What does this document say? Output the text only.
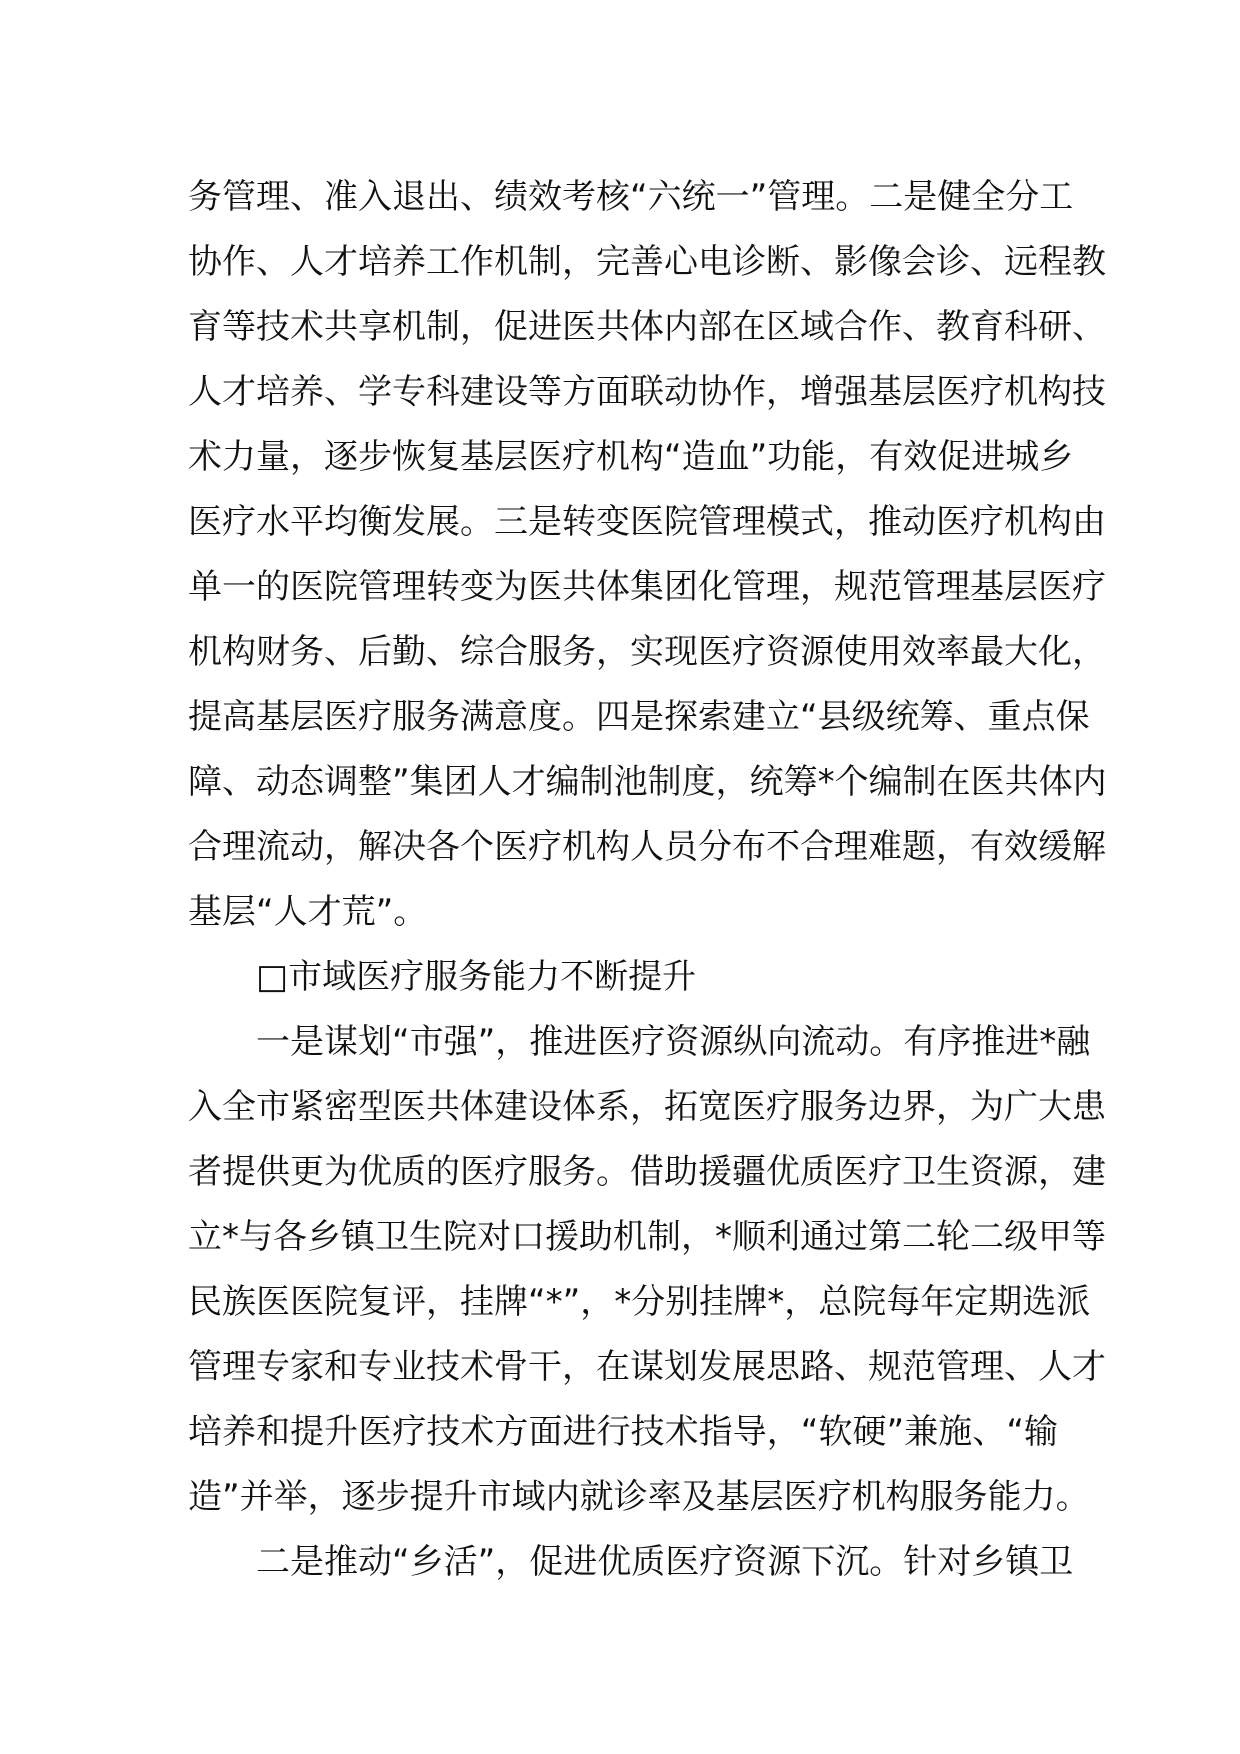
务管理、准入退出、绩效考核“六统一”管理。二是健全分工
协作、人才培养工作机制，完善心电诊断、影像会诊、远程教
育等技术共享机制，促进医共体内部在区域合作、教育科研、
人才培养、学专科建设等方面联动协作，增强基层医疗机构技
术力量，逐步恢复基层医疗机构“造血”功能，有效促进城乡
医疗水平均衡发展。三是转变医院管理模式，推动医疗机构由
单一的医院管理转变为医共体集团化管理，规范管理基层医疗
机构财务、后勤、综合服务，实现医疗资源使用效率最大化，
提高基层医疗服务满意度。四是探索建立“县级统筹、重点保
障、动态调整”集团人才编制池制度，统筹*个编制在医共体内
合理流动，解决各个医疗机构人员分布不合理难题，有效缓解
基层“人才荒”。
□市域医疗服务能力不断提升
一是谋划“市强”，推进医疗资源纵向流动。有序推进*融
入全市紧密型医共体建设体系，拓宽医疗服务边界，为广大患
者提供更为优质的医疗服务。借助援疆优质医疗卫生资源，建
立*与各乡镇卫生院对口援助机制，*顺利通过第二轮二级甲等
民族医医院复评，挂牌“*”，*分别挂牌*，总院每年定期选派
管理专家和专业技术骨干，在谋划发展思路、规范管理、人才
培养和提升医疗技术方面进行技术指导，“软硬”兼施、“输
造”并举，逐步提升市域内就诊率及基层医疗机构服务能力。
二是推动“乡活”，促进优质医疗资源下沉。针对乡镇卫
